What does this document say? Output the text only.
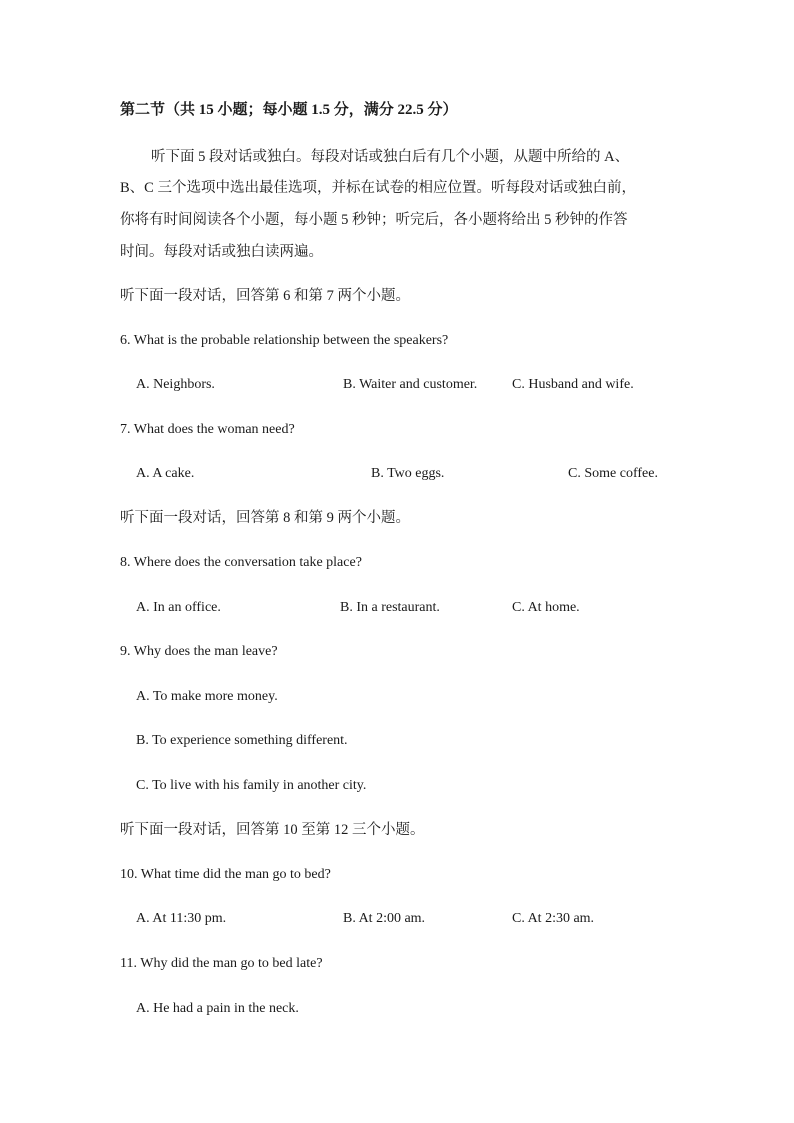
第二节（共 15 小题；每小题 1.5 分，满分 22.5 分）
听下面 5 段对话或独白。每段对话或独白后有几个小题，从题中所给的 A、
B、C 三个选项中选出最佳选项，并标在试卷的相应位置。听每段对话或独白前，
你将有时间阅读各个小题，每小题 5 秒钟；听完后，各小题将给出 5 秒钟的作答
时间。每段对话或独白读两遍。
听下面一段对话，回答第 6 和第 7 两个小题。
6. What is the probable relationship between the speakers?
A. Neighbors.	B. Waiter and customer. C. Husband and wife.
7. What does the woman need?
A. A cake.	B. Two eggs.	C. Some coffee.
听下面一段对话，回答第 8 和第 9 两个小题。
8. Where does the conversation take place?
A. In an office.	B. In a restaurant.	C. At home.
9. Why does the man leave?
A. To make more money.
B. To experience something different.
C. To live with his family in another city.
听下面一段对话，回答第 10 至第 12 三个小题。
10. What time did the man go to bed?
A. At 11:30 pm.	B. At 2:00 am.	C. At 2:30 am.
11. Why did the man go to bed late?
A. He had a pain in the neck.
